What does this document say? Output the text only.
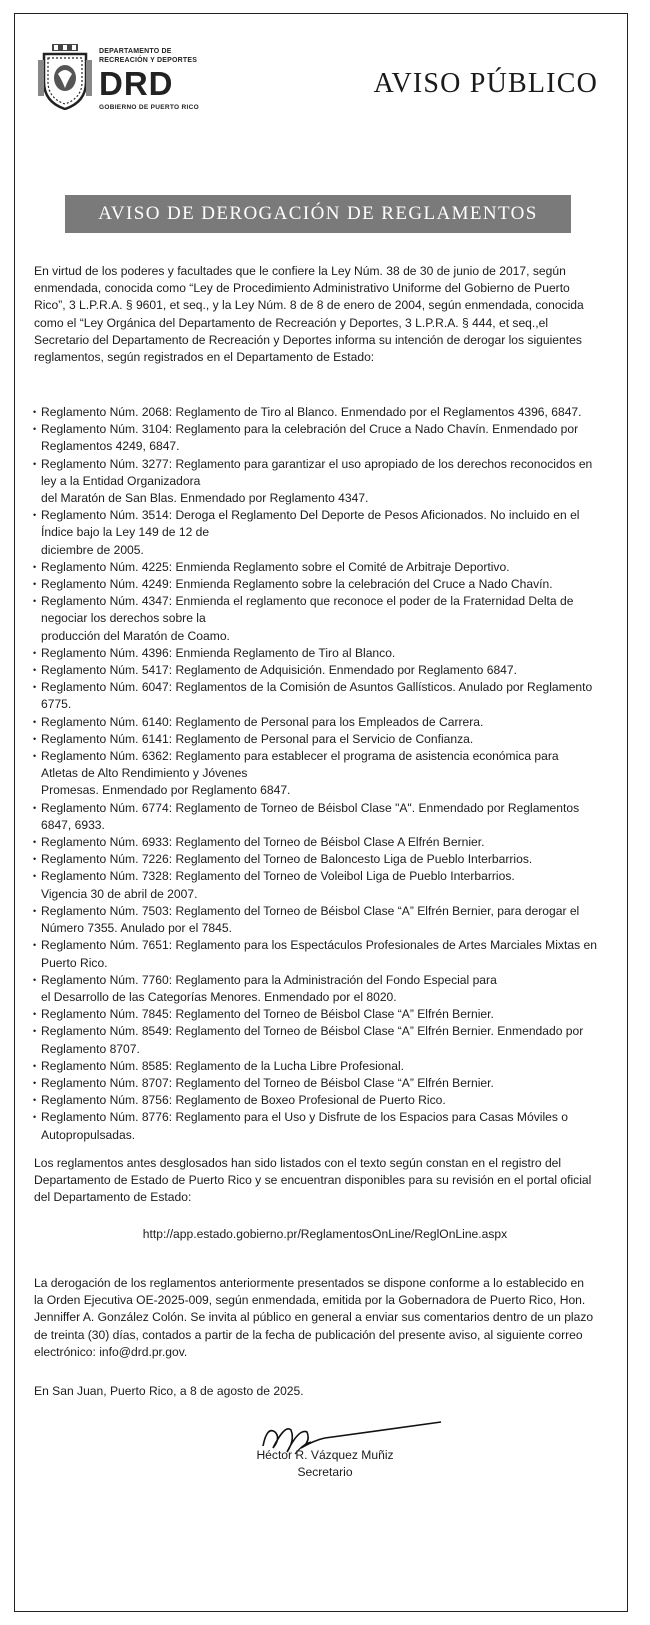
DEPARTAMENTO DE
RECREACIÓN Y DEPORTES
DRD
GOBIERNO DE PUERTO RICO
AVISO PÚBLICO
AVISO DE DEROGACIÓN DE REGLAMENTOS
En virtud de los poderes y facultades que le confiere la Ley Núm. 38 de 30 de junio de 2017, según enmendada, conocida como “Ley de Procedimiento Administrativo Uniforme del Gobierno de Puerto Rico”, 3 L.P.R.A. § 9601, et seq., y la Ley Núm. 8 de 8 de enero de 2004, según enmendada, conocida como el “Ley Orgánica del Departamento de Recreación y Deportes, 3 L.P.R.A. § 444, et seq.,el Secretario del Departamento de Recreación y Deportes informa su intención de derogar los siguientes reglamentos, según registrados en el Departamento de Estado:
• Reglamento Núm. 2068: Reglamento de Tiro al Blanco. Enmendado por el Reglamentos 4396, 6847.
• Reglamento Núm. 3104: Reglamento para la celebración del Cruce a Nado Chavín. Enmendado por Reglamentos 4249, 6847.
• Reglamento Núm. 3277: Reglamento para garantizar el uso apropiado de los derechos reconocidos en ley a la Entidad Organizadora
del Maratón de San Blas. Enmendado por Reglamento 4347.
• Reglamento Núm. 3514: Deroga el Reglamento Del Deporte de Pesos Aficionados. No incluido en el Índice bajo la Ley 149 de 12 de
diciembre de 2005.
• Reglamento Núm. 4225: Enmienda Reglamento sobre el Comité de Arbitraje Deportivo.
• Reglamento Núm. 4249: Enmienda Reglamento sobre la celebración del Cruce a Nado Chavín.
• Reglamento Núm. 4347: Enmienda el reglamento que reconoce el poder de la Fraternidad Delta de negociar los derechos sobre la
producción del Maratón de Coamo.
• Reglamento Núm. 4396: Enmienda Reglamento de Tiro al Blanco.
• Reglamento Núm. 5417: Reglamento de Adquisición. Enmendado por Reglamento 6847.
• Reglamento Núm. 6047: Reglamentos de la Comisión de Asuntos Gallísticos. Anulado por Reglamento 6775.
• Reglamento Núm. 6140: Reglamento de Personal para los Empleados de Carrera.
• Reglamento Núm. 6141: Reglamento de Personal para el Servicio de Confianza.
• Reglamento Núm. 6362: Reglamento para establecer el programa de asistencia económica para Atletas de Alto Rendimiento y Jóvenes
Promesas. Enmendado por Reglamento 6847.
• Reglamento Núm. 6774: Reglamento de Torneo de Béisbol Clase "A". Enmendado por Reglamentos 6847, 6933.
• Reglamento Núm. 6933: Reglamento del Torneo de Béisbol Clase A Elfrén Bernier.
• Reglamento Núm. 7226: Reglamento del Torneo de Baloncesto Liga de Pueblo Interbarrios.
• Reglamento Núm. 7328: Reglamento del Torneo de Voleibol Liga de Pueblo Interbarrios.
Vigencia 30 de abril de 2007.
• Reglamento Núm. 7503: Reglamento del Torneo de Béisbol Clase “A” Elfrén Bernier, para derogar el Número 7355. Anulado por el 7845.
• Reglamento Núm. 7651: Reglamento para los Espectáculos Profesionales de Artes Marciales Mixtas en Puerto Rico.
• Reglamento Núm. 7760: Reglamento para la Administración del Fondo Especial para
el Desarrollo de las Categorías Menores. Enmendado por el 8020.
• Reglamento Núm. 7845: Reglamento del Torneo de Béisbol Clase “A” Elfrén Bernier.
• Reglamento Núm. 8549: Reglamento del Torneo de Béisbol Clase “A” Elfrén Bernier. Enmendado por Reglamento 8707.
• Reglamento Núm. 8585: Reglamento de la Lucha Libre Profesional.
• Reglamento Núm. 8707: Reglamento del Torneo de Béisbol Clase “A” Elfrén Bernier.
• Reglamento Núm. 8756: Reglamento de Boxeo Profesional de Puerto Rico.
• Reglamento Núm. 8776: Reglamento para el Uso y Disfrute de los Espacios para Casas Móviles o Autopropulsadas.
Los reglamentos antes desglosados han sido listados con el texto según constan en el registro del Departamento de Estado de Puerto Rico y se encuentran disponibles para su revisión en el portal oficial del Departamento de Estado:
http://app.estado.gobierno.pr/ReglamentosOnLine/ReglOnLine.aspx
La derogación de los reglamentos anteriormente presentados se dispone conforme a lo establecido en la Orden Ejecutiva OE-2025-009, según enmendada, emitida por la Gobernadora de Puerto Rico, Hon. Jenniffer A. González Colón. Se invita al público en general a enviar sus comentarios dentro de un plazo de treinta (30) días, contados a partir de la fecha de publicación del presente aviso, al siguiente correo electrónico: info@drd.pr.gov.
En San Juan, Puerto Rico, a 8 de agosto de 2025.
Héctor R. Vázquez Muñiz
Secretario
